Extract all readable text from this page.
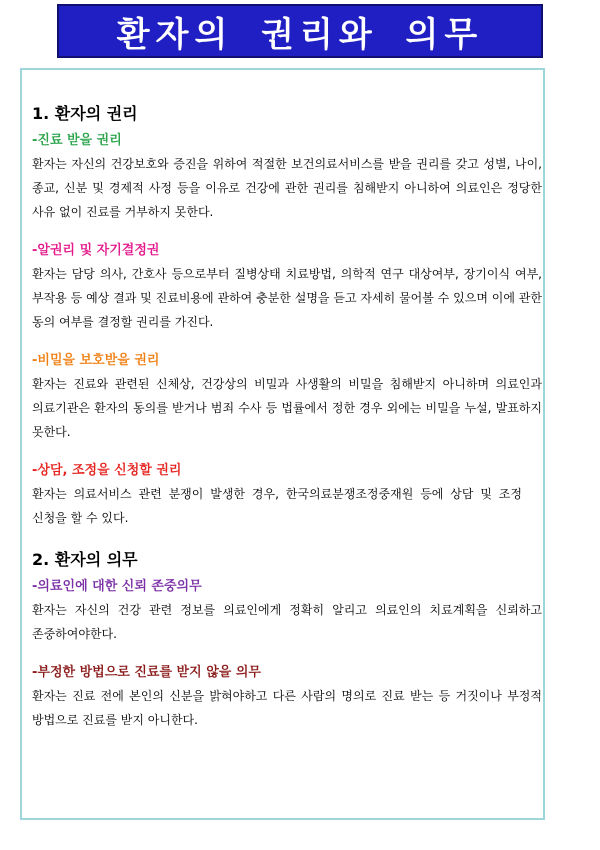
환자의 권리와 의무
1. 환자의 권리
-진료 받을 권리

환자는 자신의 건강보호와 증진을 위하여 적절한 보건의료서비스를 받을 권리를 갖고 성별, 나이, 종교, 신분 및 경제적 사정 등을 이유로 건강에 관한 권리를 침해받지 아니하여 의료인은 정당한 사유 없이 진료를 거부하지 못한다.

-알권리 및 자기결정권

환자는 담당 의사, 간호사 등으로부터 질병상태 치료방법, 의학적 연구 대상여부, 장기이식 여부, 부작용 등 예상 결과 및 진료비용에 관하여 충분한 설명을 듣고 자세히 물어볼 수 있으며 이에 관한 동의 여부를 결정할 권리를 가진다.

-비밀을 보호받을 권리

환자는 진료와 관련된 신체상, 건강상의 비밀과 사생활의 비밀을 침해받지 아니하며 의료인과 의료기관은 환자의 동의를 받거나 범죄 수사 등 법률에서 정한 경우 외에는 비밀을 누설, 발표하지 못한다.

-상담, 조정을 신청할 권리

환자는 의료서비스 관련 분쟁이 발생한 경우, 한국의료분쟁조정중재원 등에 상담 및 조정 신청을 할 수 있다.

2. 환자의 의무
-의료인에 대한 신뢰 존중의무

환자는 자신의 건강 관련 정보를 의료인에게 정확히 알리고 의료인의 치료계획을 신뢰하고 존중하여야한다.

-부정한 방법으로 진료를 받지 않을 의무

환자는 진료 전에 본인의 신분을 밝혀야하고 다른 사람의 명의로 진료 받는 등 거짓이나 부정적 방법으로 진료를 받지 아니한다.
